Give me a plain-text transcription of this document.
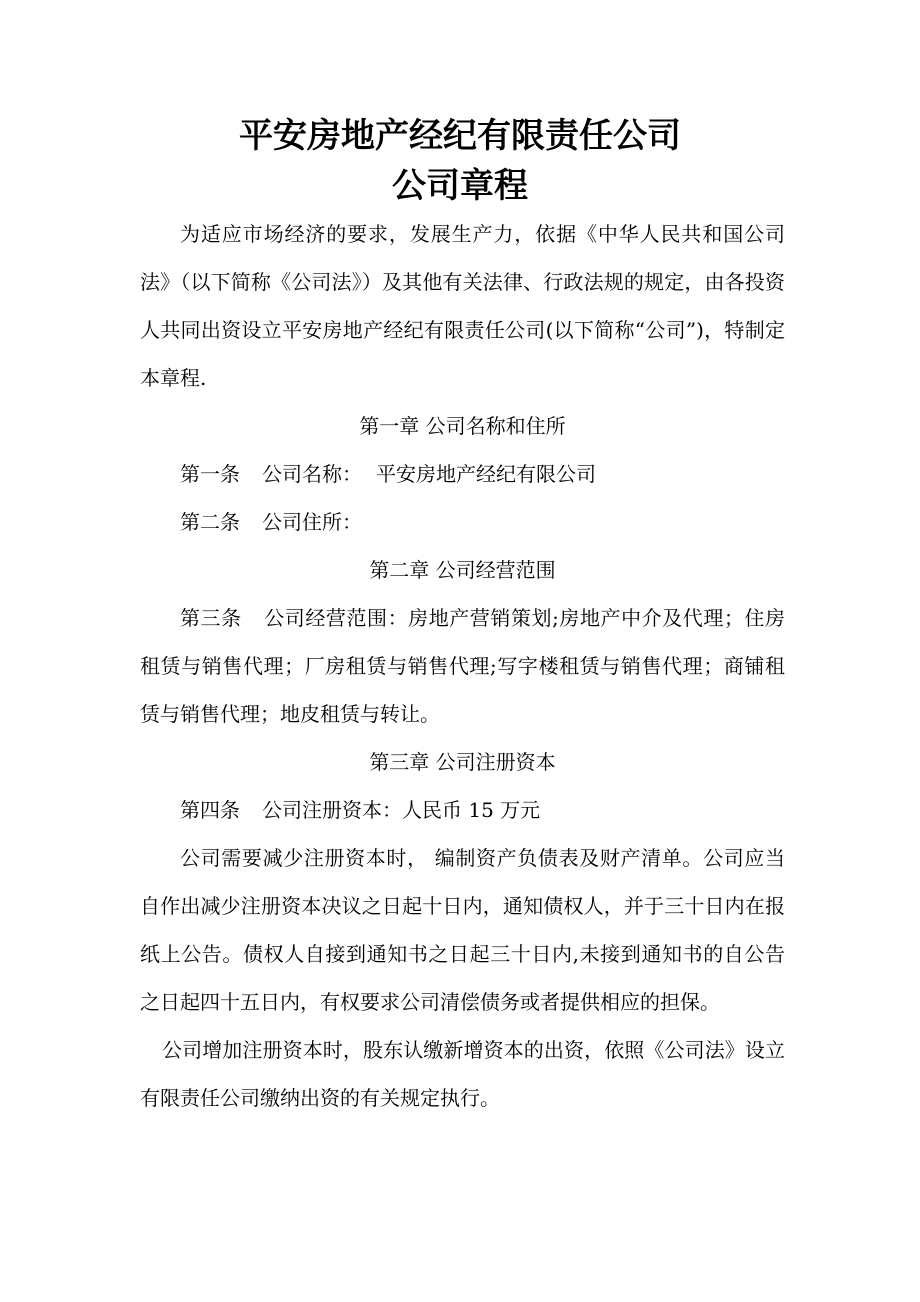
平安房地产经纪有限责任公司
公司章程

为适应市场经济的要求，发展生产力，依据《中华人民共和国公司法》（以下简称《公司法》）及其他有关法律、行政法规的规定，由各投资人共同出资设立平安房地产经纪有限责任公司(以下简称“公司”)，特制定本章程.

第一章 公司名称和住所

第一条 公司名称： 平安房地产经纪有限公司

第二条 公司住所：

第二章 公司经营范围

第三条 公司经营范围：房地产营销策划;房地产中介及代理；住房租赁与销售代理；厂房租赁与销售代理;写字楼租赁与销售代理；商铺租赁与销售代理；地皮租赁与转让。

第三章 公司注册资本

第四条 公司注册资本：人民币 15 万元

公司需要减少注册资本时， 编制资产负债表及财产清单。公司应当自作出减少注册资本决议之日起十日内，通知债权人，并于三十日内在报纸上公告。债权人自接到通知书之日起三十日内,未接到通知书的自公告之日起四十五日内，有权要求公司清偿债务或者提供相应的担保。

公司增加注册资本时，股东认缴新增资本的出资，依照《公司法》设立有限责任公司缴纳出资的有关规定执行。
